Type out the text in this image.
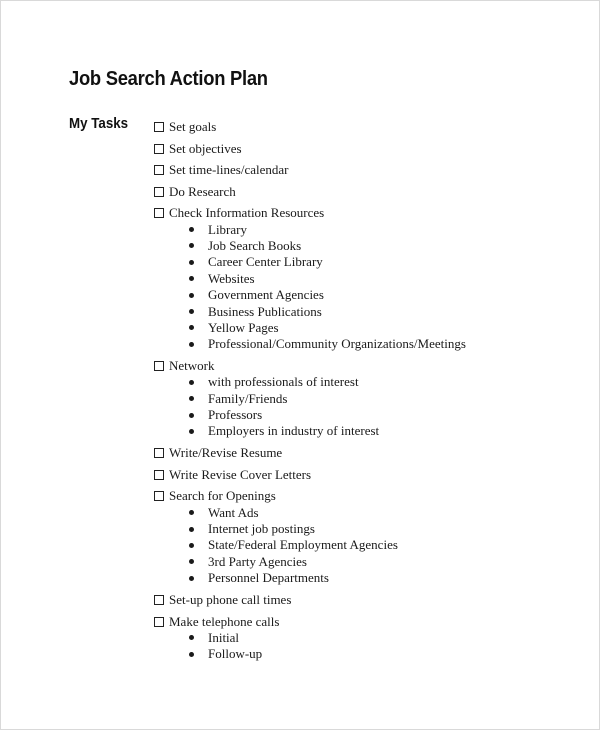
Job Search Action Plan
My Tasks	Set goals
Set objectives
Set time-lines/calendar
Do Research
Check Information Resources
Library
Job Search Books
Career Center Library
Websites
Government Agencies
Business Publications
Yellow Pages
Professional/Community Organizations/Meetings
Network
with professionals of interest
Family/Friends
Professors
Employers in industry of interest
Write/Revise Resume
Write Revise Cover Letters
Search for Openings
Want Ads
Internet job postings
State/Federal Employment Agencies
3rd Party Agencies
Personnel Departments
Set-up phone call times
Make telephone calls
Initial
Follow-up
